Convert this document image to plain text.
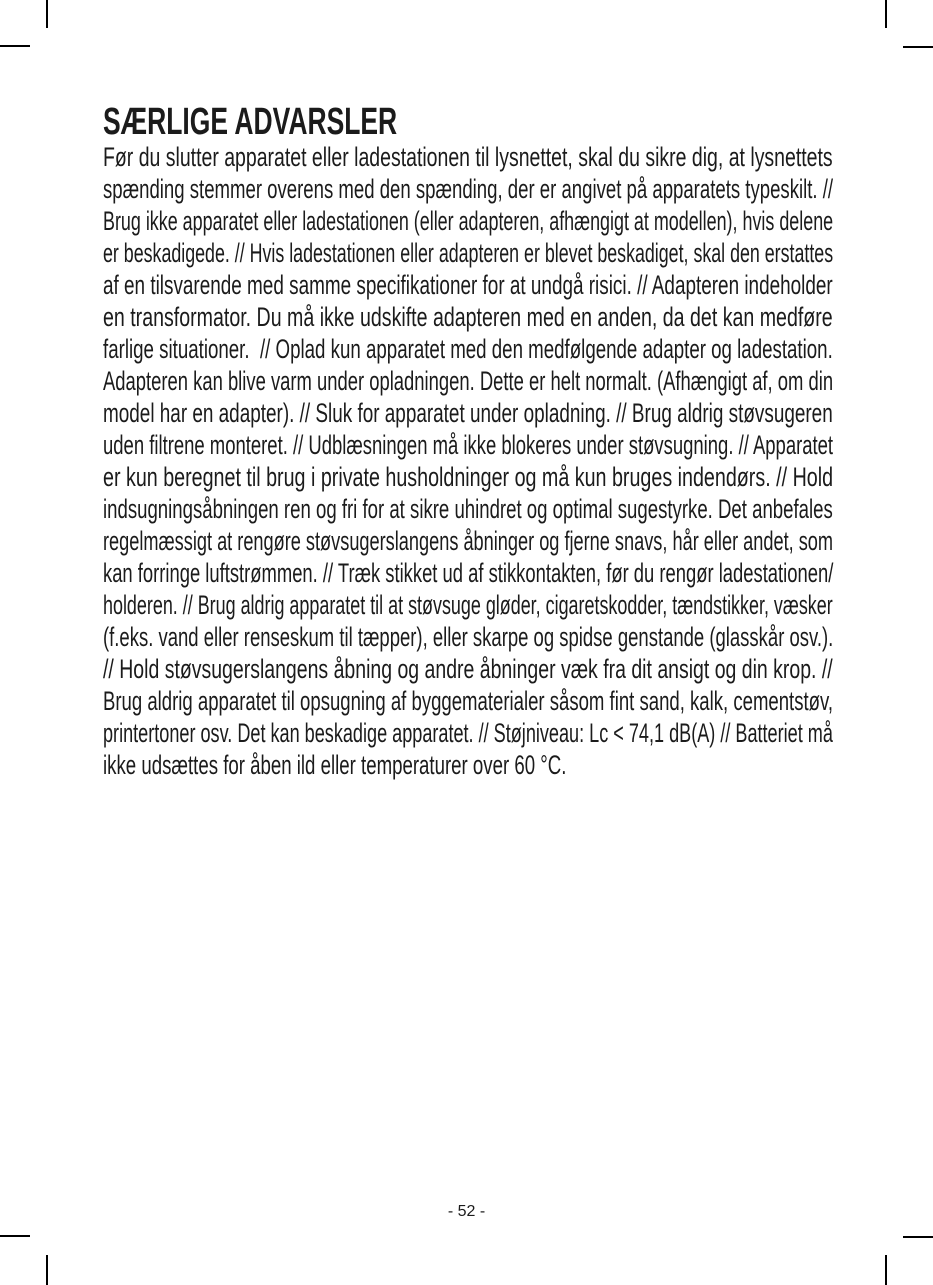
SÆRLIGE ADVARSLER
Før du slutter apparatet eller ladestationen til lysnettet, skal du sikre dig, at lysnettets
spænding stemmer overens med den spænding, der er angivet på apparatets typeskilt. //
Brug ikke apparatet eller ladestationen (eller adapteren, afhængigt at modellen), hvis delene
er beskadigede. // Hvis ladestationen eller adapteren er blevet beskadiget, skal den erstattes
af en tilsvarende med samme specifikationer for at undgå risici. // Adapteren indeholder
en transformator. Du må ikke udskifte adapteren med en anden, da det kan medføre
farlige situationer.  // Oplad kun apparatet med den medfølgende adapter og ladestation.
Adapteren kan blive varm under opladningen. Dette er helt normalt. (Afhængigt af, om din
model har en adapter). // Sluk for apparatet under opladning. // Brug aldrig støvsugeren
uden filtrene monteret. // Udblæsningen må ikke blokeres under støvsugning. // Apparatet
er kun beregnet til brug i private husholdninger og må kun bruges indendørs. // Hold
indsugningsåbningen ren og fri for at sikre uhindret og optimal sugestyrke. Det anbefales
regelmæssigt at rengøre støvsugerslangens åbninger og fjerne snavs, hår eller andet, som
kan forringe luftstrømmen. // Træk stikket ud af stikkontakten, før du rengør ladestationen/
holderen. // Brug aldrig apparatet til at støvsuge gløder, cigaretskodder, tændstikker, væsker
(f.eks. vand eller renseskum til tæpper), eller skarpe og spidse genstande (glasskår osv.).
// Hold støvsugerslangens åbning og andre åbninger væk fra dit ansigt og din krop. //
Brug aldrig apparatet til opsugning af byggematerialer såsom fint sand, kalk, cementstøv,
printertoner osv. Det kan beskadige apparatet. // Støjniveau: Lc < 74,1 dB(A) // Batteriet må
ikke udsættes for åben ild eller temperaturer over 60 °C.
- 52 -
